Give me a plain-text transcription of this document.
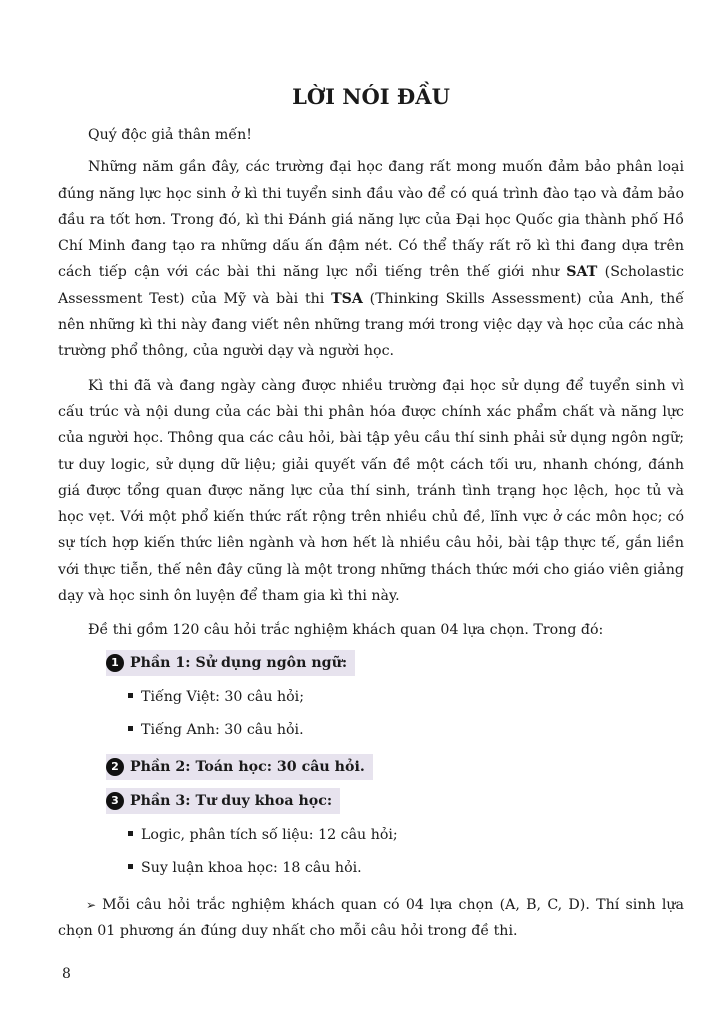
LỜI NÓI ĐẦU

Quý độc giả thân mến!

Những năm gần đây, các trường đại học đang rất mong muốn đảm bảo phân loại đúng năng lực học sinh ở kì thi tuyển sinh đầu vào để có quá trình đào tạo và đảm bảo đầu ra tốt hơn. Trong đó, kì thi Đánh giá năng lực của Đại học Quốc gia thành phố Hồ Chí Minh đang tạo ra những dấu ấn đậm nét. Có thể thấy rất rõ kì thi đang dựa trên cách tiếp cận với các bài thi năng lực nổi tiếng trên thế giới như SAT (Scholastic Assessment Test) của Mỹ và bài thi TSA (Thinking Skills Assessment) của Anh, thế nên những kì thi này đang viết nên những trang mới trong việc dạy và học của các nhà trường phổ thông, của người dạy và người học.

Kì thi đã và đang ngày càng được nhiều trường đại học sử dụng để tuyển sinh vì cấu trúc và nội dung của các bài thi phân hóa được chính xác phẩm chất và năng lực của người học. Thông qua các câu hỏi, bài tập yêu cầu thí sinh phải sử dụng ngôn ngữ; tư duy logic, sử dụng dữ liệu; giải quyết vấn đề một cách tối ưu, nhanh chóng, đánh giá được tổng quan được năng lực của thí sinh, tránh tình trạng học lệch, học tủ và học vẹt. Với một phổ kiến thức rất rộng trên nhiều chủ đề, lĩnh vực ở các môn học; có sự tích hợp kiến thức liên ngành và hơn hết là nhiều câu hỏi, bài tập thực tế, gắn liền với thực tiễn, thế nên đây cũng là một trong những thách thức mới cho giáo viên giảng dạy và học sinh ôn luyện để tham gia kì thi này.

Đề thi gồm 120 câu hỏi trắc nghiệm khách quan 04 lựa chọn. Trong đó:

1 Phần 1: Sử dụng ngôn ngữ:
Tiếng Việt: 30 câu hỏi;
Tiếng Anh: 30 câu hỏi.
2 Phần 2: Toán học: 30 câu hỏi.
3 Phần 3: Tư duy khoa học:
Logic, phân tích số liệu: 12 câu hỏi;
Suy luận khoa học: 18 câu hỏi.

➢ Mỗi câu hỏi trắc nghiệm khách quan có 04 lựa chọn (A, B, C, D). Thí sinh lựa chọn 01 phương án đúng duy nhất cho mỗi câu hỏi trong đề thi.

8
